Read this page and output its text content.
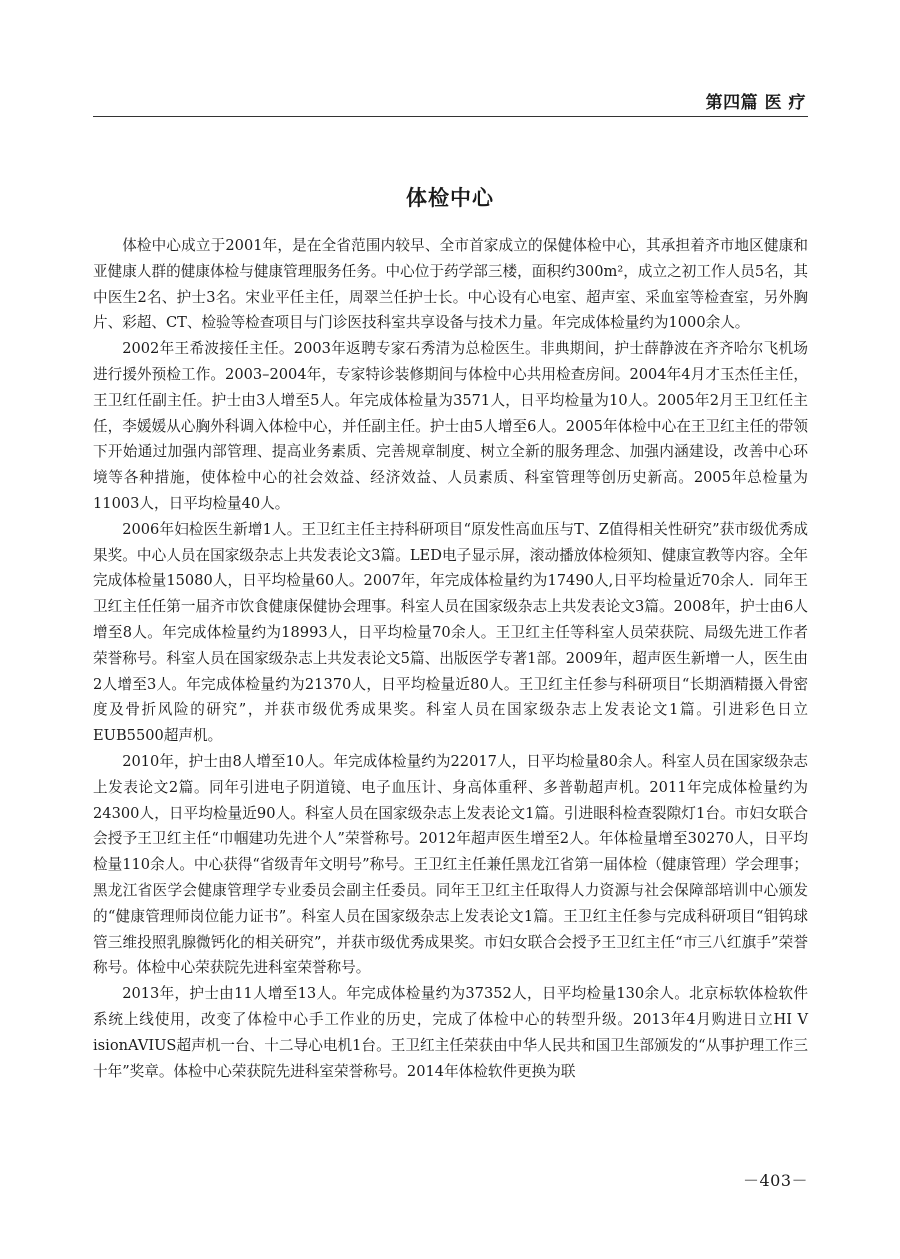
第四篇 医 疗
体检中心

体检中心成立于2001年，是在全省范围内较早、全市首家成立的保健体检中心，其承担着齐市地区健康和亚健康人群的健康体检与健康管理服务任务。中心位于药学部三楼，面积约300m²，成立之初工作人员5名，其中医生2名、护士3名。宋业平任主任，周翠兰任护士长。中心设有心电室、超声室、采血室等检查室，另外胸片、彩超、CT、检验等检查项目与门诊医技科室共享设备与技术力量。年完成体检量约为1000余人。

2002年王希波接任主任。2003年返聘专家石秀清为总检医生。非典期间，护士薛静波在齐齐哈尔飞机场进行援外预检工作。2003–2004年，专家特诊装修期间与体检中心共用检查房间。2004年4月才玉杰任主任，王卫红任副主任。护士由3人增至5人。年完成体检量为3571人，日平均检量为10人。2005年2月王卫红任主任，李媛媛从心胸外科调入体检中心，并任副主任。护士由5人增至6人。2005年体检中心在王卫红主任的带领下开始通过加强内部管理、提高业务素质、完善规章制度、树立全新的服务理念、加强内涵建设，改善中心环境等各种措施，使体检中心的社会效益、经济效益、人员素质、科室管理等创历史新高。2005年总检量为11003人，日平均检量40人。

2006年妇检医生新增1人。王卫红主任主持科研项目“原发性高血压与T、Z值得相关性研究”获市级优秀成果奖。中心人员在国家级杂志上共发表论文3篇。LED电子显示屏，滚动播放体检须知、健康宣教等内容。全年完成体检量15080人，日平均检量60人。2007年，年完成体检量约为17490人,日平均检量近70余人．同年王卫红主任任第一届齐市饮食健康保健协会理事。科室人员在国家级杂志上共发表论文3篇。2008年，护士由6人增至8人。年完成体检量约为18993人，日平均检量70余人。王卫红主任等科室人员荣获院、局级先进工作者荣誉称号。科室人员在国家级杂志上共发表论文5篇、出版医学专著1部。2009年，超声医生新增一人，医生由2人增至3人。年完成体检量约为21370人，日平均检量近80人。王卫红主任参与科研项目“长期酒精摄入骨密度及骨折风险的研究”，并获市级优秀成果奖。科室人员在国家级杂志上发表论文1篇。引进彩色日立EUB5500超声机。

2010年，护士由8人增至10人。年完成体检量约为22017人，日平均检量80余人。科室人员在国家级杂志上发表论文2篇。同年引进电子阴道镜、电子血压计、身高体重秤、多普勒超声机。2011年完成体检量约为24300人，日平均检量近90人。科室人员在国家级杂志上发表论文1篇。引进眼科检查裂隙灯1台。市妇女联合会授予王卫红主任“巾帼建功先进个人”荣誉称号。2012年超声医生增至2人。年体检量增至30270人，日平均检量110余人。中心获得“省级青年文明号”称号。王卫红主任兼任黑龙江省第一届体检（健康管理）学会理事；黑龙江省医学会健康管理学专业委员会副主任委员。同年王卫红主任取得人力资源与社会保障部培训中心颁发的“健康管理师岗位能力证书”。科室人员在国家级杂志上发表论文1篇。王卫红主任参与完成科研项目“钼钨球管三维投照乳腺微钙化的相关研究”，并获市级优秀成果奖。市妇女联合会授予王卫红主任“市三八红旗手”荣誉称号。体检中心荣获院先进科室荣誉称号。

2013年，护士由11人增至13人。年完成体检量约为37352人，日平均检量130余人。北京标软体检软件系统上线使用，改变了体检中心手工作业的历史，完成了体检中心的转型升级。2013年4月购进日立HI V isionAVIUS超声机一台、十二导心电机1台。王卫红主任荣获由中华人民共和国卫生部颁发的“从事护理工作三十年”奖章。体检中心荣获院先进科室荣誉称号。2014年体检软件更换为联

－403－
